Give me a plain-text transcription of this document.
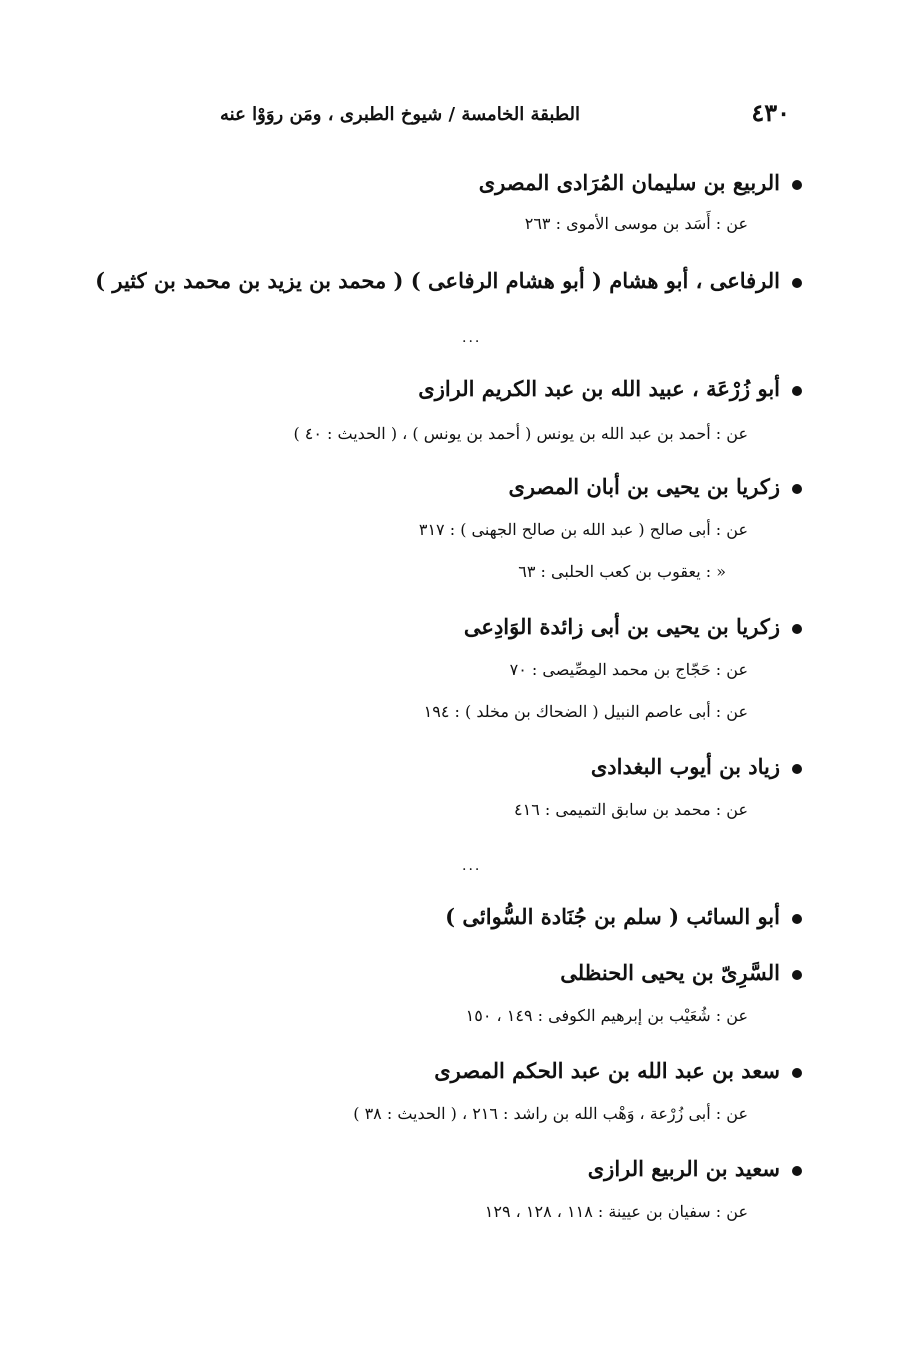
٤٣٠
الطبقة الخامسة / شيوخ الطبرى ، ومَن روَوْا عنه
الربيع بن سليمان المُرَادى المصرى
عن : أَسَد بن موسى الأموى : ٢٦٣
الرفاعى ، أبو هشام ( أبو هشام الرفاعى ) ( محمد بن يزيد بن محمد بن كثير )
...
أبو زُرْعَة ، عبيد الله بن عبد الكريم الرازى
عن : أحمد بن عبد الله بن يونس ( أحمد بن يونس ) ، ( الحديث : ٤٠ )
زكريا بن يحيى بن أبان المصرى
عن : أبى صالح ( عبد الله بن صالح الجهنى ) : ٣١٧
« : يعقوب بن كعب الحلبى : ٦٣
زكريا بن يحيى بن أبى زائدة الوَادِعى
عن : حَجّاج بن محمد المِصِّيصى : ٧٠
عن : أبى عاصم النبيل ( الضحاك بن مخلد ) : ١٩٤
زياد بن أيوب البغدادى
عن : محمد بن سابق التميمى : ٤١٦
...
أبو السائب ( سلم بن جُنَادة السُّوائى )
السَّرِىّ بن يحيى الحنظلى
عن : شُعَيْب بن إبرهيم الكوفى : ١٤٩ ، ١٥٠
سعد بن عبد الله بن عبد الحكم المصرى
عن : أبى زُرْعة ، وَهْب الله بن راشد : ٢١٦ ، ( الحديث : ٣٨ )
سعيد بن الربيع الرازى
عن : سفيان بن عيينة : ١١٨ ، ١٢٨ ، ١٢٩
